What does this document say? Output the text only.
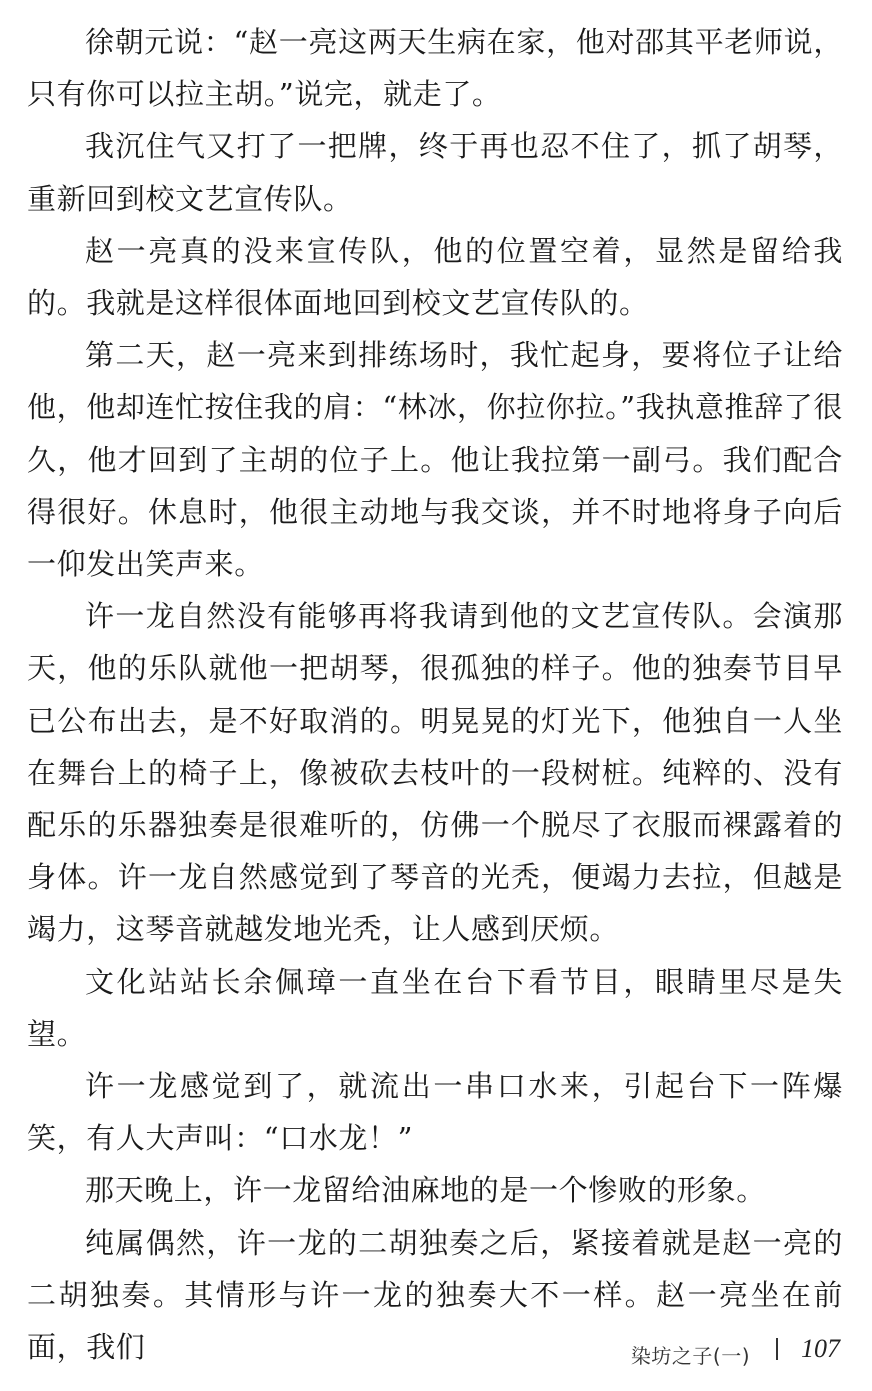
徐朝元说：“赵一亮这两天生病在家，他对邵其平老师说，只有你可以拉主胡。”说完，就走了。

我沉住气又打了一把牌，终于再也忍不住了，抓了胡琴，重新回到校文艺宣传队。

赵一亮真的没来宣传队，他的位置空着，显然是留给我的。我就是这样很体面地回到校文艺宣传队的。

第二天，赵一亮来到排练场时，我忙起身，要将位子让给他，他却连忙按住我的肩：“林冰，你拉你拉。”我执意推辞了很久，他才回到了主胡的位子上。他让我拉第一副弓。我们配合得很好。休息时，他很主动地与我交谈，并不时地将身子向后一仰发出笑声来。

许一龙自然没有能够再将我请到他的文艺宣传队。会演那天，他的乐队就他一把胡琴，很孤独的样子。他的独奏节目早已公布出去，是不好取消的。明晃晃的灯光下，他独自一人坐在舞台上的椅子上，像被砍去枝叶的一段树桩。纯粹的、没有配乐的乐器独奏是很难听的，仿佛一个脱尽了衣服而裸露着的身体。许一龙自然感觉到了琴音的光秃，便竭力去拉，但越是竭力，这琴音就越发地光秃，让人感到厌烦。

文化站站长余佩璋一直坐在台下看节目，眼睛里尽是失望。

许一龙感觉到了，就流出一串口水来，引起台下一阵爆笑，有人大声叫：“口水龙！”

那天晚上，许一龙留给油麻地的是一个惨败的形象。

纯属偶然，许一龙的二胡独奏之后，紧接着就是赵一亮的二胡独奏。其情形与许一龙的独奏大不一样。赵一亮坐在前面，我们	染坊之子(一) 107
